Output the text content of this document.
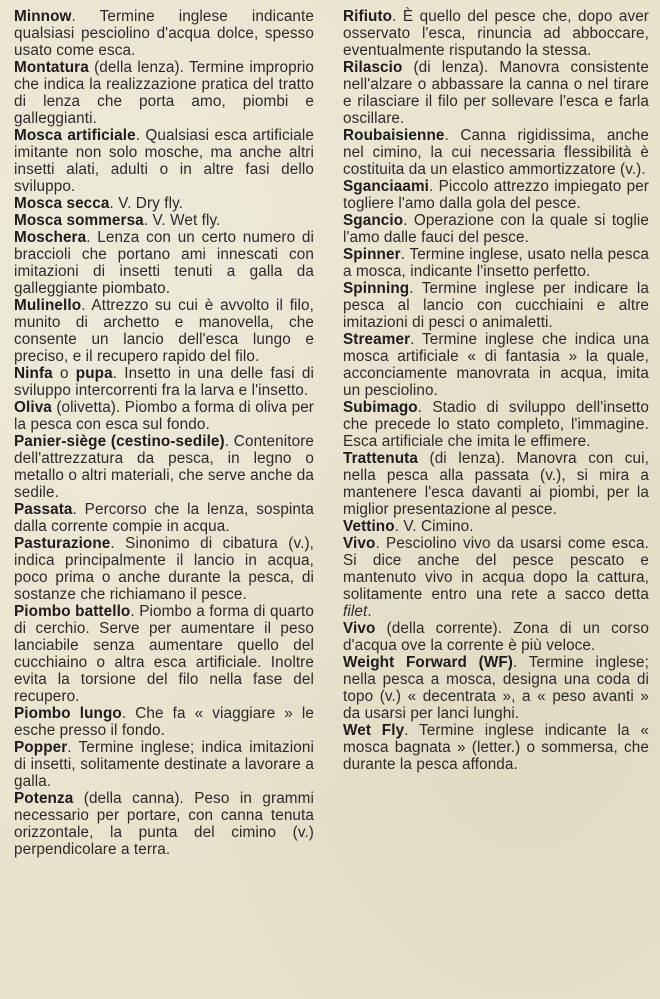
Minnow. Termine inglese indicante qualsiasi pesciolino d'acqua dolce, spesso usato come esca.

Montatura (della lenza). Termine improprio che indica la realizzazione pratica del tratto di lenza che porta amo, piombi e galleggianti.

Mosca artificiale. Qualsiasi esca artificiale imitante non solo mosche, ma anche altri insetti alati, adulti o in altre fasi dello sviluppo.

Mosca secca. V. Dry fly.

Mosca sommersa. V. Wet fly.

Moschera. Lenza con un certo numero di braccioli che portano ami innescati con imitazioni di insetti tenuti a galla da galleggiante piombato.

Mulinello. Attrezzo su cui è avvolto il filo, munito di archetto e manovella, che consente un lancio dell'esca lungo e preciso, e il recupero rapido del filo.

Ninfa o pupa. Insetto in una delle fasi di sviluppo intercorrenti fra la larva e l'insetto.

Oliva (olivetta). Piombo a forma di oliva per la pesca con esca sul fondo.

Panier-siège (cestino-sedile). Contenitore dell'attrezzatura da pesca, in legno o metallo o altri materiali, che serve anche da sedile.

Passata. Percorso che la lenza, sospinta dalla corrente compie in acqua.

Pasturazione. Sinonimo di cibatura (v.), indica principalmente il lancio in acqua, poco prima o anche durante la pesca, di sostanze che richiamano il pesce.

Piombo battello. Piombo a forma di quarto di cerchio. Serve per aumentare il peso lanciabile senza aumentare quello del cucchiaino o altra esca artificiale. Inoltre evita la torsione del filo nella fase del recupero.

Piombo lungo. Che fa « viaggiare » le esche presso il fondo.

Popper. Termine inglese; indica imitazioni di insetti, solitamente destinate a lavorare a galla.

Potenza (della canna). Peso in grammi necessario per portare, con canna tenuta orizzontale, la punta del cimino (v.) perpendicolare a terra.

Rifiuto. È quello del pesce che, dopo aver osservato l'esca, rinuncia ad abboccare, eventualmente risputando la stessa.

Rilascio (di lenza). Manovra consistente nell'alzare o abbassare la canna o nel tirare e rilasciare il filo per sollevare l'esca e farla oscillare.

Roubaisienne. Canna rigidissima, anche nel cimino, la cui necessaria flessibilità è costituita da un elastico ammortizzatore (v.).

Sganciaami. Piccolo attrezzo impiegato per togliere l'amo dalla gola del pesce.

Sgancio. Operazione con la quale si toglie l'amo dalle fauci del pesce.

Spinner. Termine inglese, usato nella pesca a mosca, indicante l'insetto perfetto.

Spinning. Termine inglese per indicare la pesca al lancio con cucchiaini e altre imitazioni di pesci o animaletti.

Streamer. Termine inglese che indica una mosca artificiale « di fantasia » la quale, acconciamente manovrata in acqua, imita un pesciolino.

Subimago. Stadio di sviluppo dell'insetto che precede lo stato completo, l'immagine. Esca artificiale che imita le effimere.

Trattenuta (di lenza). Manovra con cui, nella pesca alla passata (v.), si mira a mantenere l'esca davanti ai piombi, per la miglior presentazione al pesce.

Vettino. V. Cimino.

Vivo. Pesciolino vivo da usarsi come esca. Si dice anche del pesce pescato e mantenuto vivo in acqua dopo la cattura, solitamente entro una rete a sacco detta filet.

Vivo (della corrente). Zona di un corso d'acqua ove la corrente è più veloce.

Weight Forward (WF). Termine inglese; nella pesca a mosca, designa una coda di topo (v.) « decentrata », a « peso avanti » da usarsi per lanci lunghi.

Wet Fly. Termine inglese indicante la « mosca bagnata » (letter.) o sommersa, che durante la pesca affonda.
